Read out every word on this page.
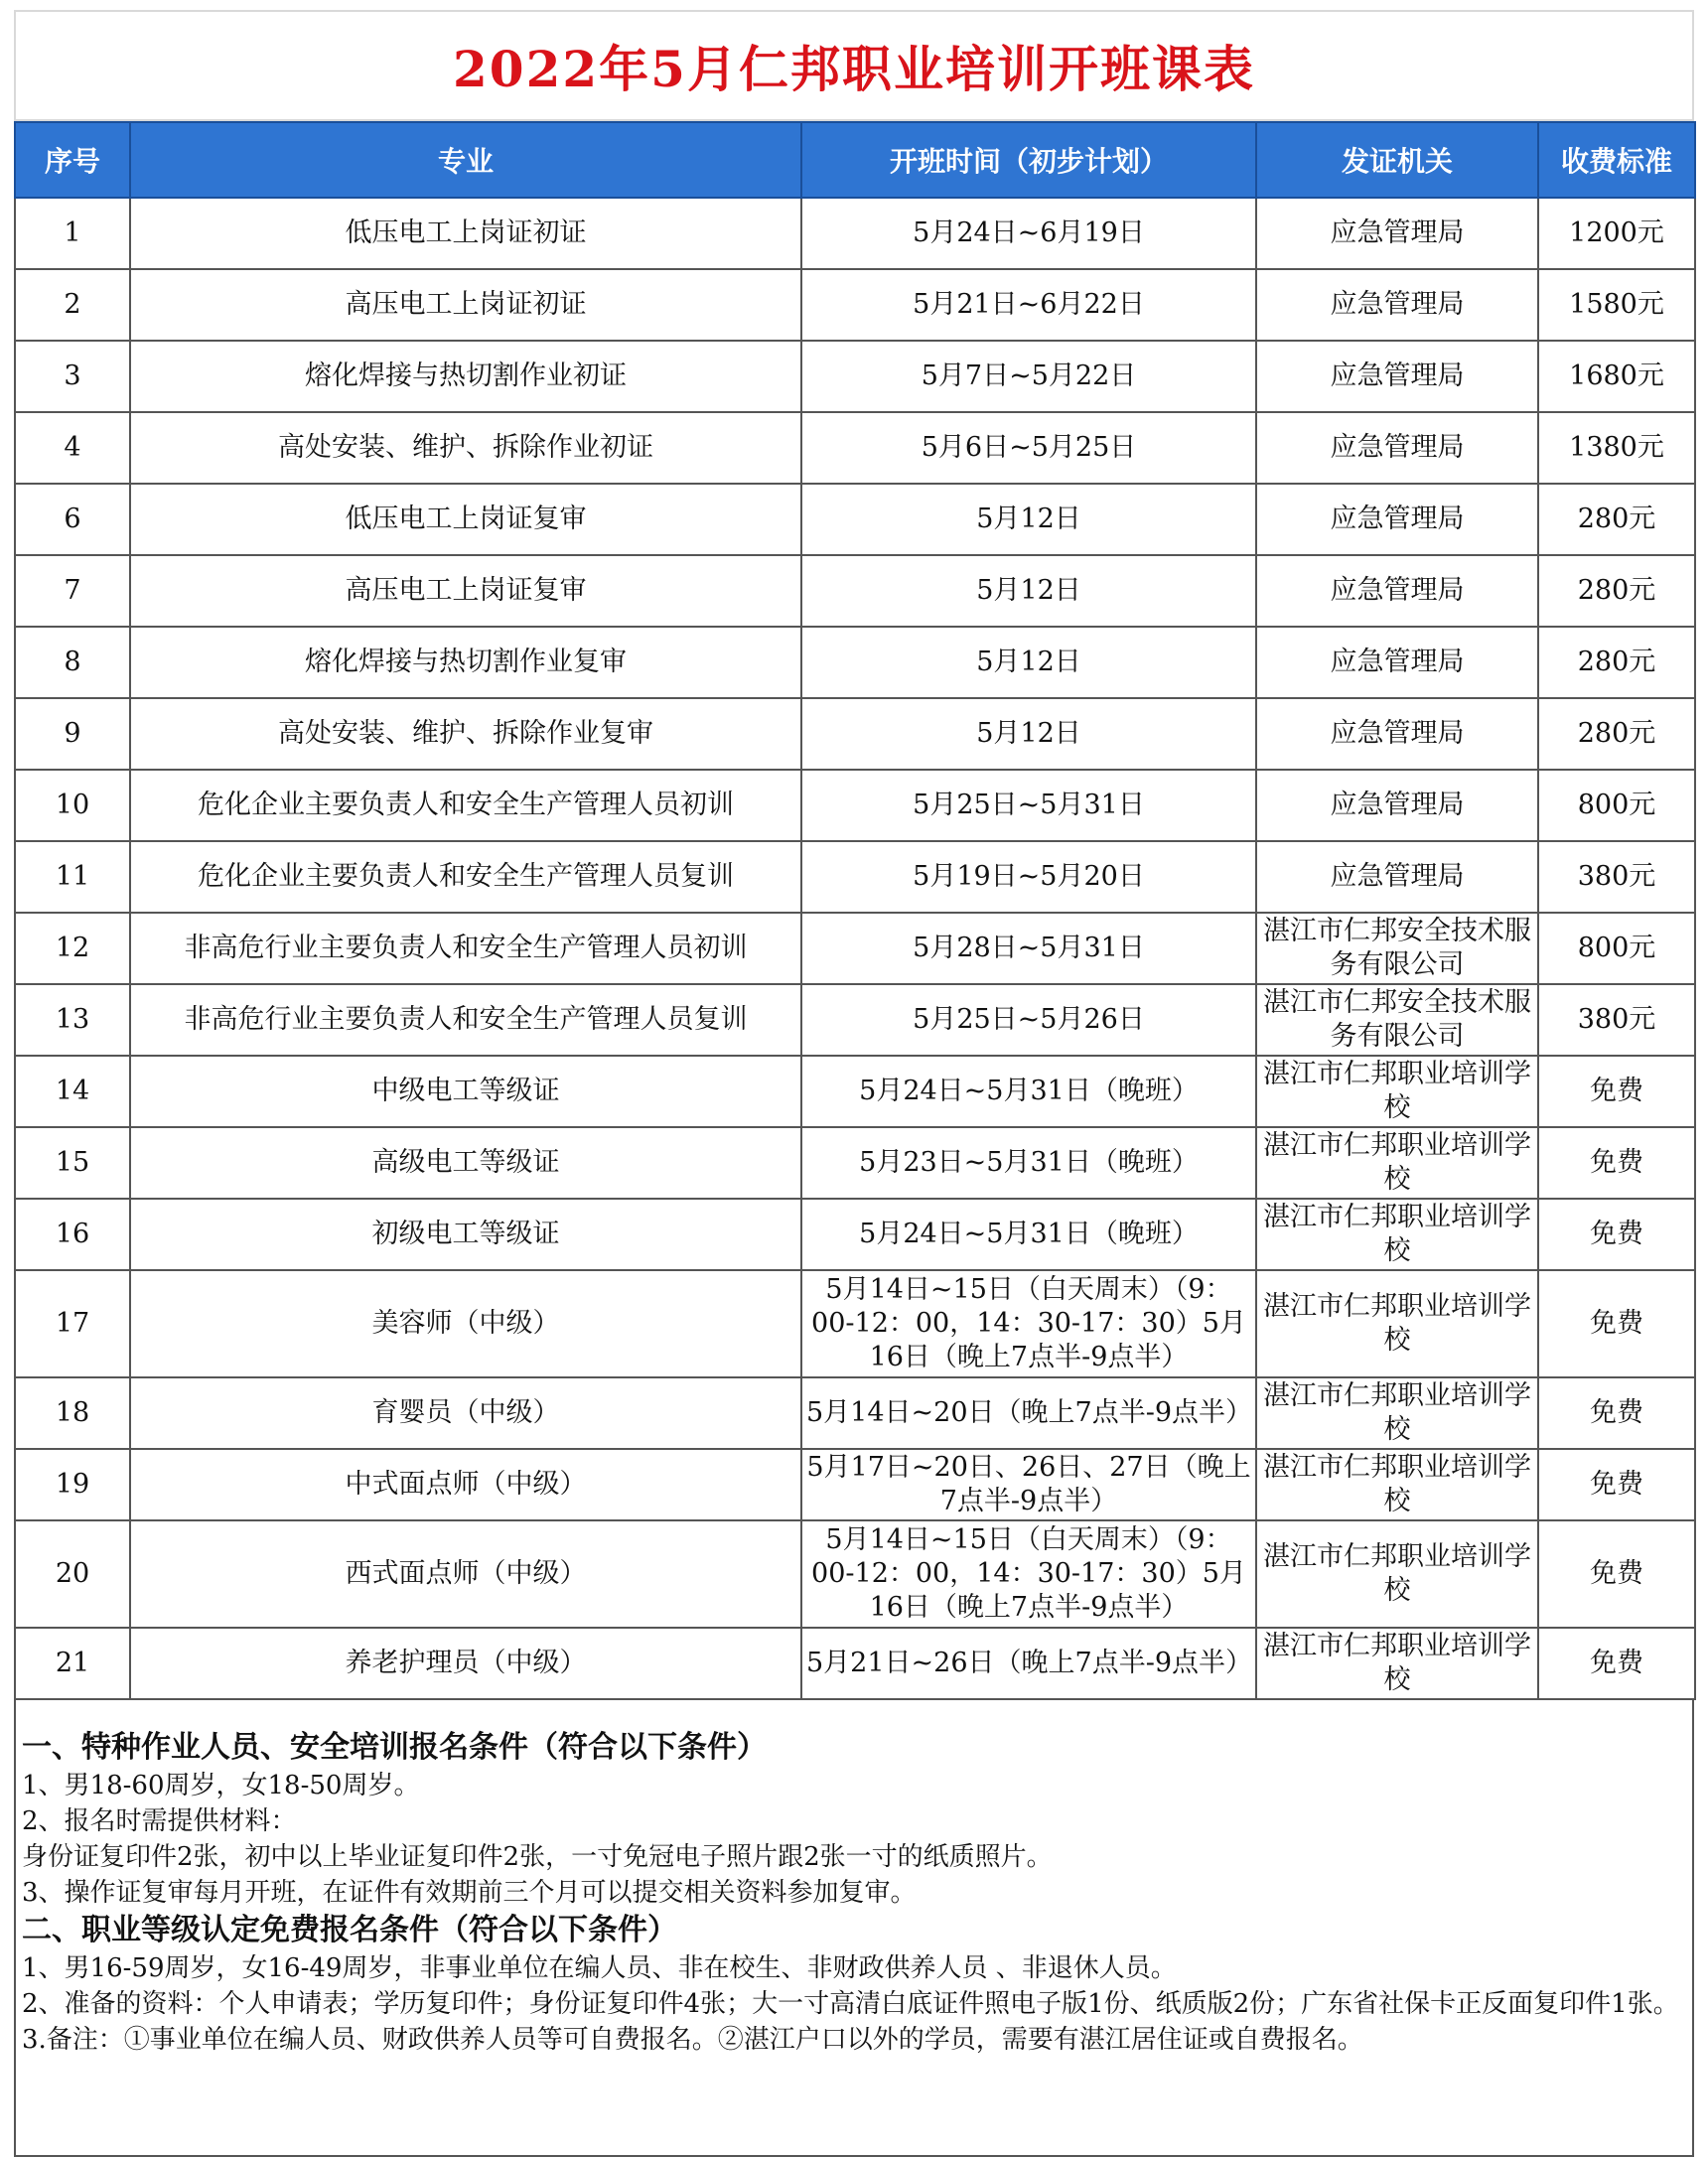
2022年5月仁邦职业培训开班课表
序号	专业	开班时间（初步计划）	发证机关	收费标准
1	低压电工上岗证初证	5月24日~6月19日	应急管理局	1200元
2	高压电工上岗证初证	5月21日~6月22日	应急管理局	1580元
3	熔化焊接与热切割作业初证	5月7日~5月22日	应急管理局	1680元
4	高处安装、维护、拆除作业初证	5月6日~5月25日	应急管理局	1380元
6	低压电工上岗证复审	5月12日	应急管理局	280元
7	高压电工上岗证复审	5月12日	应急管理局	280元
8	熔化焊接与热切割作业复审	5月12日	应急管理局	280元
9	高处安装、维护、拆除作业复审	5月12日	应急管理局	280元
10	危化企业主要负责人和安全生产管理人员初训	5月25日~5月31日	应急管理局	800元
11	危化企业主要负责人和安全生产管理人员复训	5月19日~5月20日	应急管理局	380元
12	非高危行业主要负责人和安全生产管理人员初训	5月28日~5月31日	湛江市仁邦安全技术服务有限公司	800元
13	非高危行业主要负责人和安全生产管理人员复训	5月25日~5月26日	湛江市仁邦安全技术服务有限公司	380元
14	中级电工等级证	5月24日~5月31日（晚班）	湛江市仁邦职业培训学校	免费
15	高级电工等级证	5月23日~5月31日（晚班）	湛江市仁邦职业培训学校	免费
16	初级电工等级证	5月24日~5月31日（晚班）	湛江市仁邦职业培训学校	免费
17	美容师（中级）	5月14日~15日（白天周末）（9：00-12：00，14：30-17：30）5月16日（晚上7点半-9点半）	湛江市仁邦职业培训学校	免费
18	育婴员（中级）	5月14日~20日（晚上7点半-9点半）	湛江市仁邦职业培训学校	免费
19	中式面点师（中级）	5月17日~20日、26日、27日（晚上7点半-9点半）	湛江市仁邦职业培训学校	免费
20	西式面点师（中级）	5月14日~15日（白天周末）（9：00-12：00，14：30-17：30）5月16日（晚上7点半-9点半）	湛江市仁邦职业培训学校	免费
21	养老护理员（中级）	5月21日~26日（晚上7点半-9点半）	湛江市仁邦职业培训学校	免费

一、特种作业人员、安全培训报名条件（符合以下条件）

1、男18-60周岁，女18-50周岁。

2、报名时需提供材料：

身份证复印件2张，初中以上毕业证复印件2张，一寸免冠电子照片跟2张一寸的纸质照片。

3、操作证复审每月开班，在证件有效期前三个月可以提交相关资料参加复审。

二、职业等级认定免费报名条件（符合以下条件）

1、男16-59周岁，女16-49周岁，非事业单位在编人员、非在校生、非财政供养人员 、非退休人员。

2、准备的资料：个人申请表；学历复印件；身份证复印件4张；大一寸高清白底证件照电子版1份、纸质版2份；广东省社保卡正反面复印件1张。

3.备注：①事业单位在编人员、财政供养人员等可自费报名。②湛江户口以外的学员，需要有湛江居住证或自费报名。
